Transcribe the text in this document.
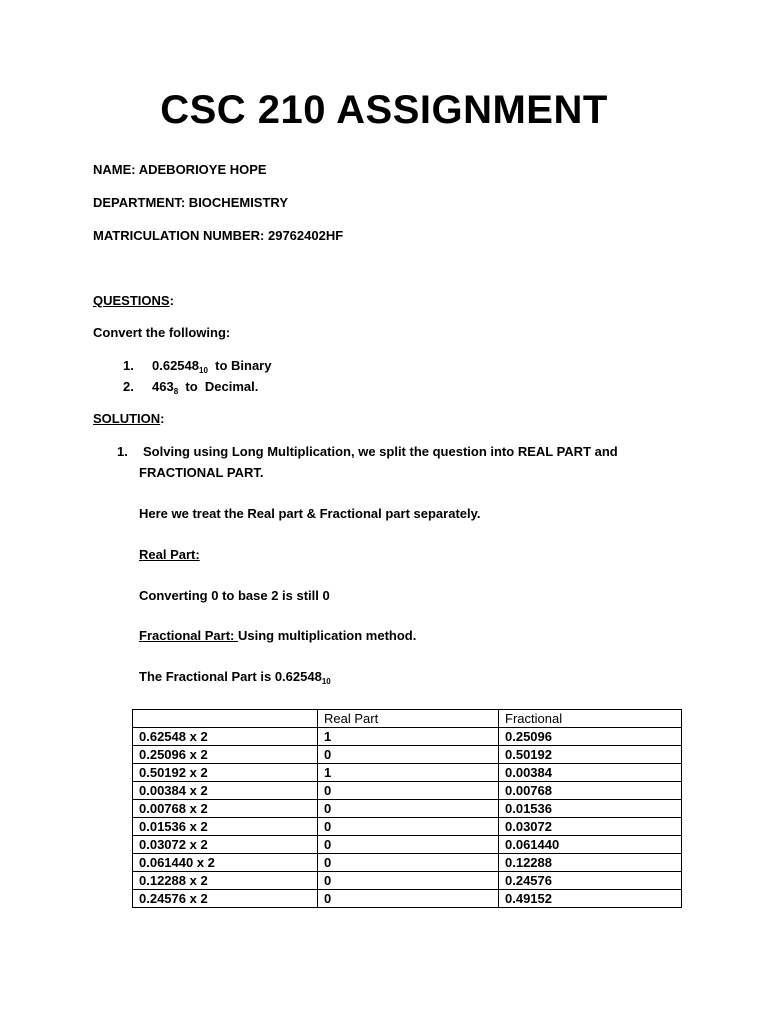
CSC 210 ASSIGNMENT
NAME: ADEBORIOYE HOPE
DEPARTMENT: BIOCHEMISTRY
MATRICULATION NUMBER: 29762402HF
QUESTIONS:
Convert the following:
1. $0.62548_{10}$  to Binary
2. $463_8$  to  Decimal.
SOLUTION:
1. Solving using Long Multiplication, we split the question into REAL PART and
FRACTIONAL PART.
Here we treat the Real part & Fractional part separately.
Real Part:
Converting 0 to base 2 is still 0
Fractional Part: Using multiplication method.
The Fractional Part is $0.62548_{10}$
	Real Part	Fractional
0.62548 x 2	1	0.25096
0.25096 x 2	0	0.50192
0.50192 x 2	1	0.00384
0.00384 x 2	0	0.00768
0.00768 x 2	0	0.01536
0.01536 x 2	0	0.03072
0.03072 x 2	0	0.061440
0.061440 x 2	0	0.12288
0.12288 x 2	0	0.24576
0.24576 x 2	0	0.49152
